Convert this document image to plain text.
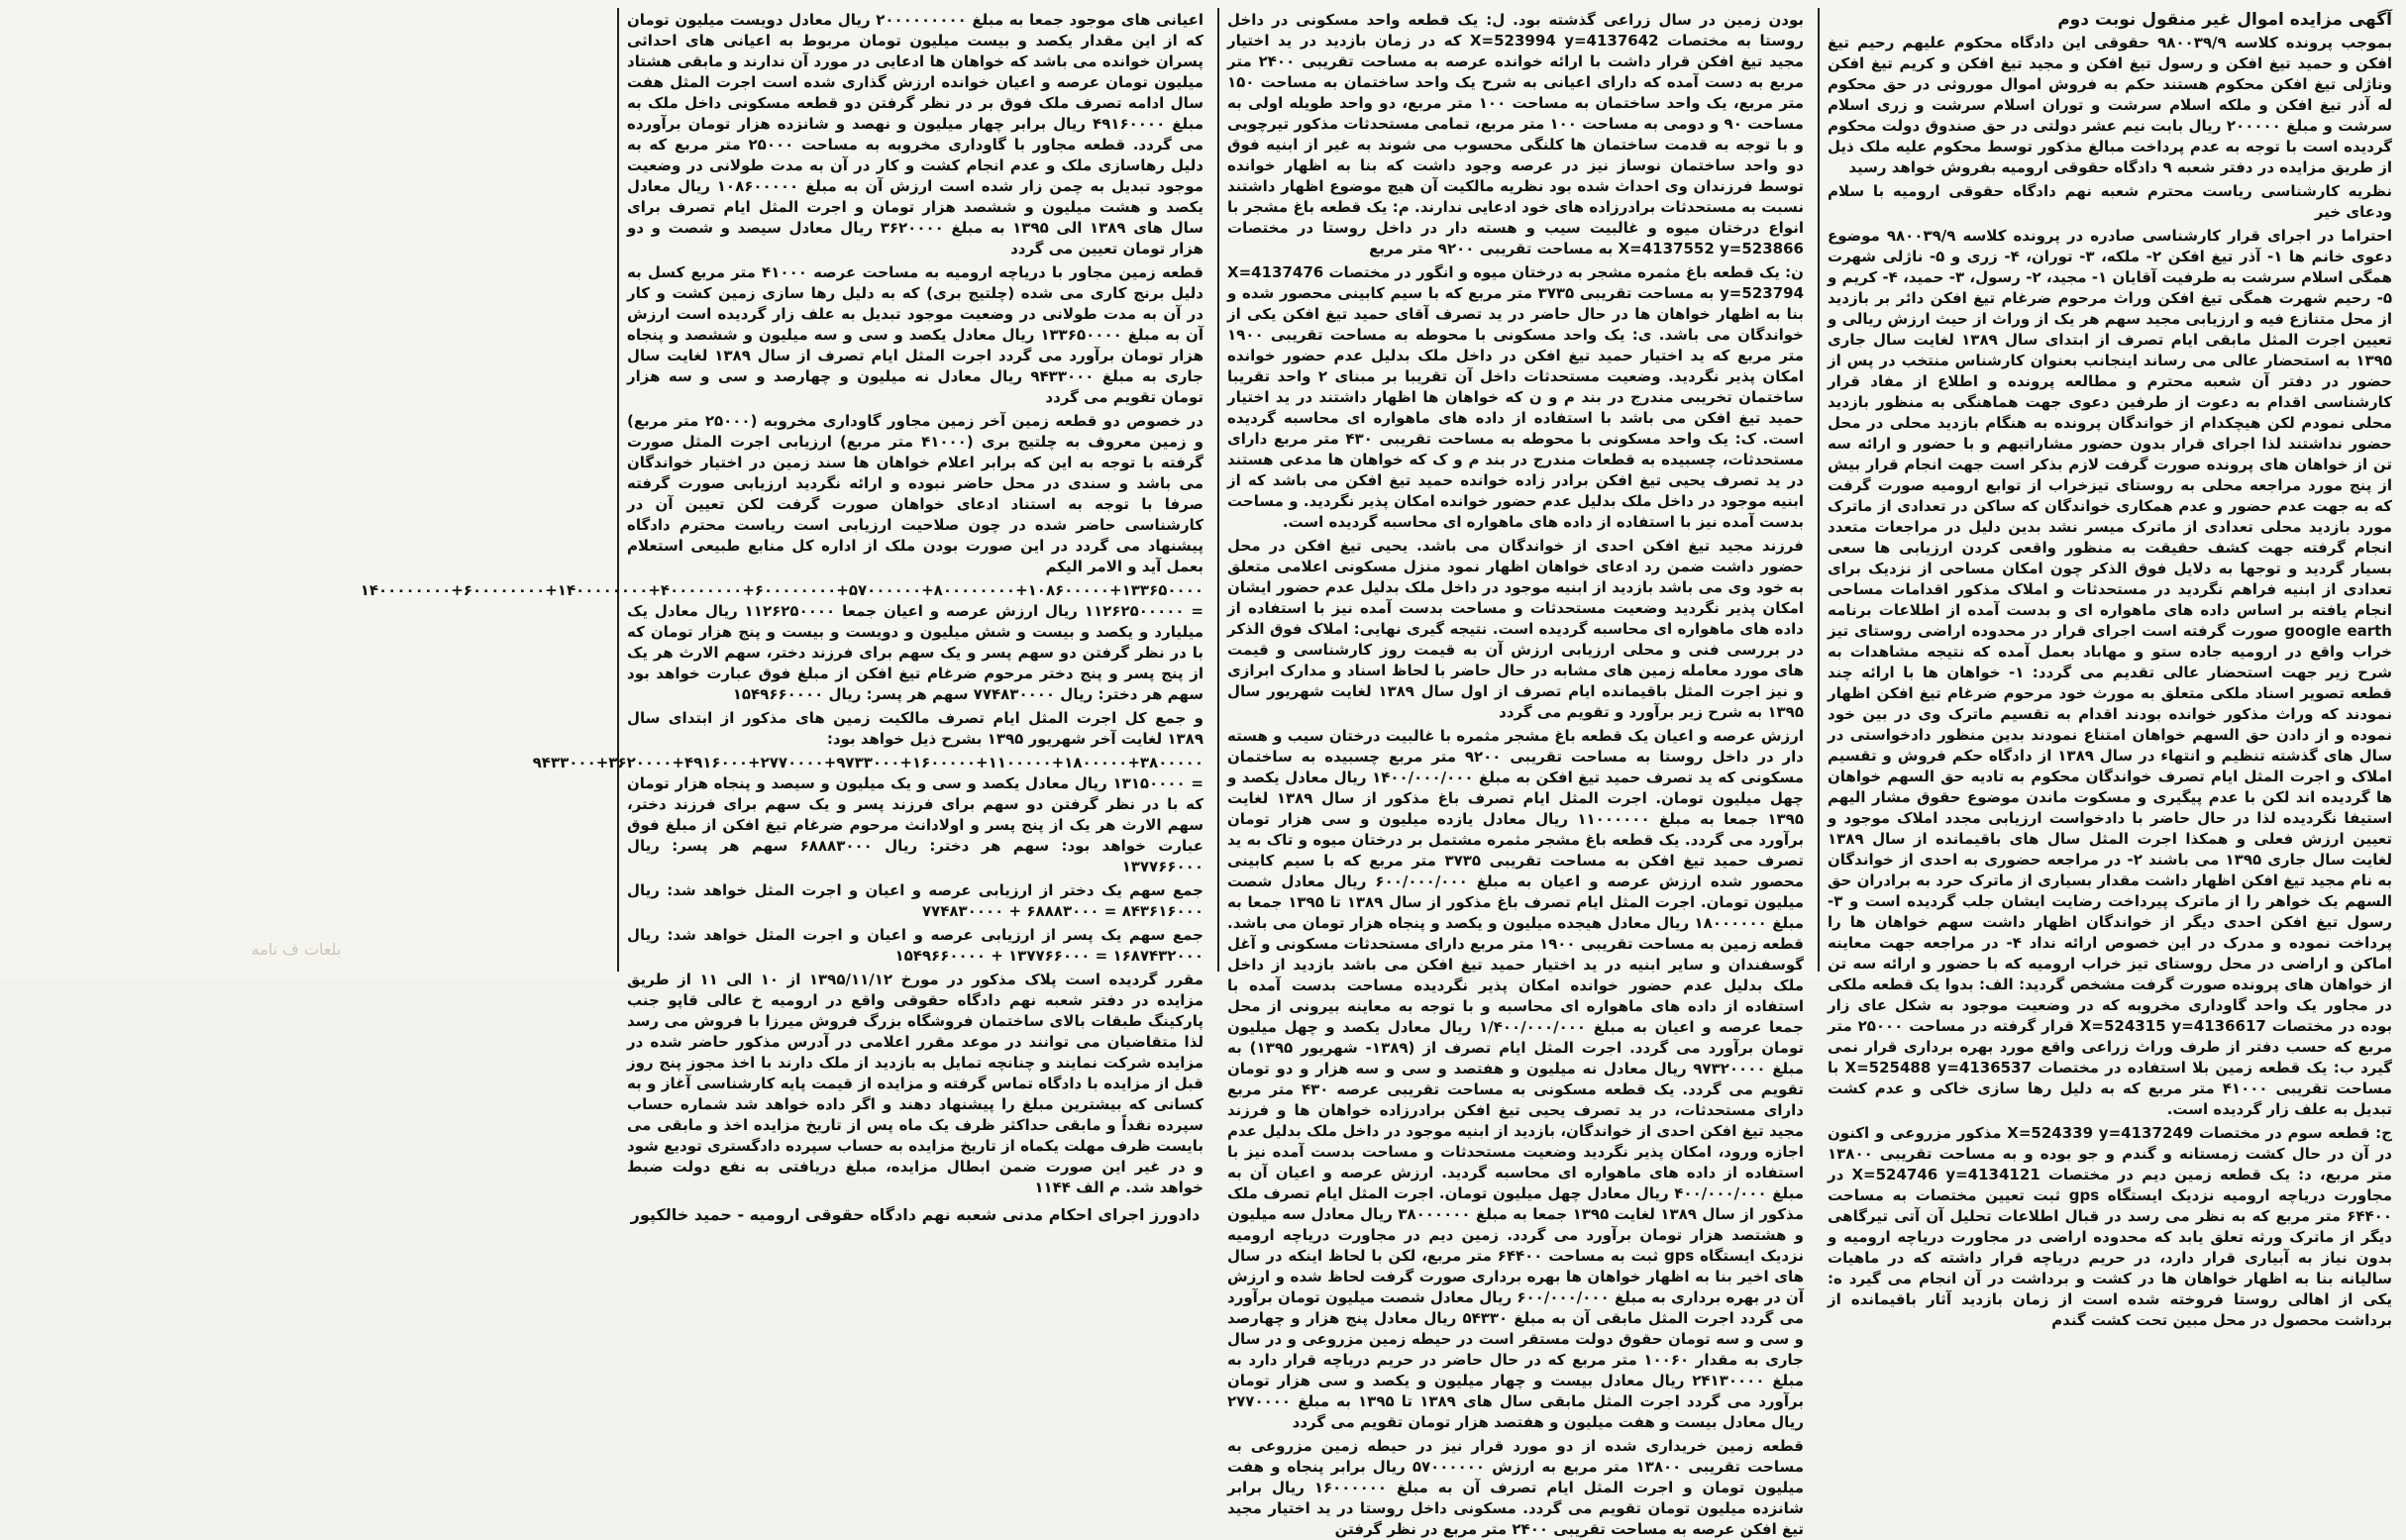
آگهی مزایده اموال غیر منقول نوبت دوم

بموجب پرونده کلاسه ۹۸۰۰۳۹/۹ حقوقی این دادگاه محکوم علیهم رحیم تیغ افکن و حمید تیغ افکن و رسول تیغ افکن و مجید تیغ افکن و کریم تیغ افکن وناژلی تیغ افکن محکوم هستند حکم به فروش اموال موروثی در حق محکوم له آذر تیغ افکن و ملکه اسلام سرشت و توران اسلام سرشت و زری اسلام سرشت و مبلغ ۲۰۰۰۰۰ ریال بابت نیم عشر دولتی در حق صندوق دولت محکوم گردیده است با توجه به عدم پرداخت مبالغ مذکور توسط محکوم علیه ملک ذیل از طریق مزایده در دفتر شعبه ۹ دادگاه حقوقی ارومیه بفروش خواهد رسید

نظریه کارشناسی ریاست محترم شعبه نهم دادگاه حقوقی ارومیه با سلام ودعای خیر

احتراما در اجرای قرار کارشناسی صادره در پرونده کلاسه ۹۸۰۰۳۹/۹ موضوع دعوی خانم ها ۱- آذر تیغ افکن ۲- ملکه، ۳- توران، ۴- زری و ۵- ناژلی شهرت همگی اسلام سرشت به طرفیت آقایان ۱- مجید، ۲- رسول، ۳- حمید، ۴- کریم و ۵- رحیم شهرت همگی تیغ افکن وراث مرحوم ضرغام تیغ افکن دائر بر بازدید از محل متنازع فیه و ارزیابی مجید سهم هر یک از وراث از حیث ارزش ریالی و تعیین اجرت المثل مابقی ایام تصرف از ابتدای سال ۱۳۸۹ لغایت سال جاری ۱۳۹۵ به استحضار عالی می رساند اینجانب بعنوان کارشناس منتخب در پس از حضور در دفتر آن شعبه محترم و مطالعه پرونده و اطلاع از مفاد قرار کارشناسی اقدام به دعوت از طرفین دعوی جهت هماهنگی به منظور بازدید محلی نمودم لکن هیچکدام از خواندگان پرونده به هنگام بازدید محلی در محل حضور نداشتند لذا اجرای قرار بدون حضور مشاراتیهم و با حضور و ارائه سه تن از خواهان های پرونده صورت گرفت لازم بذکر است جهت انجام قرار بیش از پنج مورد مراجعه محلی به روستای تیزخراب از توابع ارومیه صورت گرفت که به جهت عدم حضور و عدم همکاری خواندگان که ساکن در تعدادی از ماترک مورد بازدید محلی تعدادی از ماترک میسر نشد بدین دلیل در مراجعات متعدد انجام گرفته جهت کشف حقیقت به منظور واقعی کردن ارزیابی ها سعی بسیار گردید و توجها به دلایل فوق الذکر چون امکان مساحی از نزدیک برای تعدادی از ابنیه فراهم نگردید در مستحدثات و املاک مذکور اقدامات مساحی انجام یافته بر اساس داده های ماهواره ای و بدست آمده از اطلاعات برنامه google earth صورت گرفته است اجرای قرار در محدوده اراضی روستای تیز خراب واقع در ارومیه جاده ستو و مهاباد بعمل آمده که نتیجه مشاهدات به شرح زیر جهت استحضار عالی تقدیم می گردد: ۱- خواهان ها با ارائه چند قطعه تصویر اسناد ملکی متعلق به مورث خود مرحوم ضرغام تیغ افکن اظهار نمودند که وراث مذکور خوانده بودند اقدام به تقسیم ماترک وی در بین خود نموده و از دادن حق السهم خواهان امتناع نمودند بدین منظور دادخواستی در سال های گذشته تنظیم و انتهاء در سال ۱۳۸۹ از دادگاه حکم فروش و تقسیم املاک و اجرت المثل ایام تصرف خواندگان محکوم به تادیه حق السهم خواهان ها گردیده اند لکن با عدم پیگیری و مسکوت ماندن موضوع حقوق مشار الیهم استیفا نگردیده لذا در حال حاضر با دادخواست ارزیابی مجدد املاک موجود و تعیین ارزش فعلی و همکذا اجرت المثل سال های باقیمانده از سال ۱۳۸۹ لغایت سال جاری ۱۳۹۵ می باشند ۲- در مراجعه حضوری به احدی از خواندگان به نام مجید تیغ افکن اظهار داشت مقدار بسیاری از ماترک حرد به برادران حق السهم یک خواهر را از ماترک پیرداخت رضایت ایشان جلب گردیده است و ۳- رسول تیغ افکن احدی دیگر از خواندگان اظهار داشت سهم خواهان ها را پرداخت نموده و مدرک در این خصوص ارائه نداد ۴- در مراجعه جهت معاینه اماکن و اراضی در محل روستای تیز خراب ارومیه که با حضور و ارائه سه تن از خواهان های پرونده صورت گرفت مشخص گردید: الف: بدوا یک قطعه ملکی در مجاور یک واحد گاوداری مخروبه که در وضعیت موجود به شکل عای زار بوده در مختصات X=524315 y=4136617 قرار گرفته در مساحت ۲۵۰۰۰ متر مربع که حسب دفتر از طرف وراث زراعی واقع مورد بهره برداری قرار نمی گیرد ب: یک قطعه زمین بلا استفاده در مختصات X=525488 y=4136537 با مساحت تقریبی ۴۱۰۰۰ متر مربع که به دلیل رها سازی خاکی و عدم کشت تبدیل به علف زار گردیده است.

ج: قطعه سوم در مختصات X=524339 y=4137249 مذکور مزروعی و اکنون در آن در حال کشت زمستانه و گندم و جو بوده و به مساحت تقریبی ۱۳۸۰۰ متر مربع، د: یک قطعه زمین دیم در مختصات X=524746 y=4134121 در مجاورت دریاچه ارومیه نزدیک ایستگاه gps ثبت تعیین مختصات به مساحت ۶۴۴۰۰ متر مربع که به نظر می رسد در قبال اطلاعات تحلیل آن آتی تیرگاهی دیگر از ماترک ورثه تعلق یابد که محدوده اراضی در مجاورت دریاچه ارومیه و بدون نیاز به آبیاری قرار دارد، در حریم دریاچه قرار داشته که در ماهیات سالیانه بنا به اظهار خواهان ها در کشت و برداشت در آن انجام می گیرد ه: یکی از اهالی روستا فروخته شده است از زمان بازدید آثار باقیمانده از برداشت محصول در محل مبین تحت کشت گندم

بودن زمین در سال زراعی گذشته بود. ل: یک قطعه واحد مسکونی در داخل روستا به مختصات X=523994 y=4137642 که در زمان بازدید در ید اختیار مجید تیغ افکن قرار داشت با ارائه خوانده عرصه به مساحت تقریبی ۲۴۰۰ متر مربع به دست آمده که دارای اعیانی به شرح یک واحد ساختمان به مساحت ۱۵۰ متر مربع، یک واحد ساختمان به مساحت ۱۰۰ متر مربع، دو واحد طویله اولی به مساحت ۹۰ و دومی به مساحت ۱۰۰ متر مربع، تمامی مستحدثات مذکور تیرچوبی و با توجه به قدمت ساختمان ها کلنگی محسوب می شوند به غیر از ابنیه فوق دو واحد ساختمان نوساز نیز در عرصه وجود داشت که بنا به اظهار خوانده توسط فرزندان وی احداث شده بود نظریه مالکیت آن هیچ موضوع اظهار داشتند نسبت به مستحدثات برادرزاده های خود ادعایی ندارند. م: یک قطعه باغ مشجر با انواع درختان میوه و غالبیت سیب و هسته دار در داخل روستا در مختصات X=4137552 y=523866 به مساحت تقریبی ۹۲۰۰ متر مربع

ن: یک قطعه باغ مثمره مشجر به درختان میوه و انگور در مختصات X=4137476 y=523794 به مساحت تقریبی ۳۷۳۵ متر مربع که با سیم کابینی محصور شده و بنا به اظهار خواهان ها در حال حاضر در ید تصرف آقای حمید تیغ افکن یکی از خواندگان می باشد. ی: یک واحد مسکونی با محوطه به مساحت تقریبی ۱۹۰۰ متر مربع که ید اختیار حمید تیغ افکن در داخل ملک بدلیل عدم حضور خوانده امکان پذیر نگردید. وضعیت مستحدثات داخل آن تقریبا بر مبنای ۲ واحد تقریبا ساختمان تخریبی مندرج در بند م و ن که خواهان ها اظهار داشتند در ید اختیار حمید تیغ افکن می باشد با استفاده از داده های ماهواره ای محاسبه گردیده است. ک: یک واحد مسکونی با محوطه به مساحت تقریبی ۴۳۰ متر مربع دارای مستحدثات، چسبیده به قطعات مندرج در بند م و ک که خواهان ها مدعی هستند در ید تصرف یحیی تیغ افکن برادر زاده خوانده حمید تیغ افکن می باشد که از ابنیه موجود در داخل ملک بدلیل عدم حضور خوانده امکان پذیر نگردید. و مساحت بدست آمده نیز با استفاده از داده های ماهواره ای محاسبه گردیده است.

فرزند مجید تیغ افکن احدی از خواندگان می باشد. یحیی تیغ افکن در محل حضور داشت ضمن رد ادعای خواهان اظهار نمود منزل مسکونی اعلامی متعلق به خود وی می باشد بازدید از ابنیه موجود در داخل ملک بدلیل عدم حضور ایشان امکان پذیر نگردید وضعیت مستحدثات و مساحت بدست آمده نیز با استفاده از داده های ماهواره ای محاسبه گردیده است. نتیجه گیری نهایی: املاک فوق الذکر در بررسی فنی و محلی ارزیابی ارزش آن به قیمت روز کارشناسی و قیمت های مورد معامله زمین های مشابه در حال حاضر با لحاظ اسناد و مدارک ابرازی و نیز اجرت المثل باقیمانده ایام تصرف از اول سال ۱۳۸۹ لغایت شهریور سال ۱۳۹۵ به شرح زیر برآورد و تقویم می گردد

ارزش عرصه و اعیان یک قطعه باغ مشجر مثمره با غالبیت درختان سیب و هسته دار در داخل روستا به مساحت تقریبی ۹۲۰۰ متر مربع چسبیده به ساختمان مسکونی که ید تصرف حمید تیغ افکن به مبلغ ۱۴۰۰/۰۰۰/۰۰۰ ریال معادل یکصد و چهل میلیون تومان. اجرت المثل ایام تصرف باغ مذکور از سال ۱۳۸۹ لغایت ۱۳۹۵ جمعا به مبلغ ۱۱۰۰۰۰۰۰ ریال معادل یازده میلیون و سی هزار تومان برآورد می گردد. یک قطعه باغ مشجر مثمره مشتمل بر درختان میوه و تاک به ید تصرف حمید تیغ افکن به مساحت تقریبی ۳۷۳۵ متر مربع که با سیم کابینی محصور شده ارزش عرصه و اعیان به مبلغ ۶۰۰/۰۰۰/۰۰۰ ریال معادل شصت میلیون تومان. اجرت المثل ایام تصرف باغ مذکور از سال ۱۳۸۹ تا ۱۳۹۵ جمعا به مبلغ ۱۸۰۰۰۰۰۰ ریال معادل هیجده میلیون و یکصد و پنجاه هزار تومان می باشد. قطعه زمین به مساحت تقریبی ۱۹۰۰ متر مربع دارای مستحدثات مسکونی و آغل گوسفندان و سایر ابنیه در ید اختیار حمید تیغ افکن می باشد بازدید از داخل ملک بدلیل عدم حضور خوانده امکان پذیر نگردیده مساحت بدست آمده با استفاده از داده های ماهواره ای محاسبه و با توجه به معاینه بیرونی از محل جمعا عرصه و اعیان به مبلغ ۱/۴۰۰/۰۰۰/۰۰۰ ریال معادل یکصد و چهل میلیون تومان برآورد می گردد. اجرت المثل ایام تصرف از (۱۳۸۹- شهریور ۱۳۹۵) به مبلغ ۹۷۳۲۰۰۰۰ ریال معادل نه میلیون و هفتصد و سی و سه هزار و دو تومان تقویم می گردد. یک قطعه مسکونی به مساحت تقریبی عرصه ۴۳۰ متر مربع دارای مستحدثات، در ید تصرف یحیی تیغ افکن برادرزاده خواهان ها و فرزند مجید تیغ افکن احدی از خواندگان، بازدید از ابنیه موجود در داخل ملک بدلیل عدم اجازه ورود، امکان پذیر نگردید وضعیت مستحدثات و مساحت بدست آمده نیز با استفاده از داده های ماهواره ای محاسبه گردید. ارزش عرصه و اعیان آن به مبلغ ۴۰۰/۰۰۰/۰۰۰ ریال معادل چهل میلیون تومان. اجرت المثل ایام تصرف ملک مذکور از سال ۱۳۸۹ لغایت ۱۳۹۵ جمعا به مبلغ ۳۸۰۰۰۰۰۰ ریال معادل سه میلیون و هشتصد هزار تومان برآورد می گردد. زمین دیم در مجاورت دریاچه ارومیه نزدیک ایستگاه gps ثبت به مساحت ۶۴۴۰۰ متر مربع، لکن با لحاظ اینکه در سال های اخیر بنا به اظهار خواهان ها بهره برداری صورت گرفت لحاظ شده و ارزش آن در بهره برداری به مبلغ ۶۰۰/۰۰۰/۰۰۰ ریال معادل شصت میلیون تومان برآورد می گردد اجرت المثل مابقی آن به مبلغ ۵۴۳۳۰ ریال معادل پنج هزار و چهارصد و سی و سه تومان حقوق دولت مستقر است در حیطه زمین مزروعی و در سال جاری به مقدار ۱۰۰۶۰ متر مربع که در حال حاضر در حریم دریاچه قرار دارد به مبلغ ۲۴۱۳۰۰۰۰ ریال معادل بیست و چهار میلیون و یکصد و سی هزار تومان برآورد می گردد اجرت المثل مابقی سال های ۱۳۸۹ تا ۱۳۹۵ به مبلغ ۲۷۷۰۰۰۰ ریال معادل بیست و هفت میلیون و هفتصد هزار تومان تقویم می گردد

قطعه زمین خریداری شده از دو مورد قرار نیز در حیطه زمین مزروعی به مساحت تقریبی ۱۳۸۰۰ متر مربع به ارزش ۵۷۰۰۰۰۰۰ ریال برابر پنجاه و هفت میلیون تومان و اجرت المثل ایام تصرف آن به مبلغ ۱۶۰۰۰۰۰۰ ریال برابر شانزده میلیون تومان تقویم می گردد. مسکونی داخل روستا در ید اختیار مجید تیغ افکن عرصه به مساحت تقریبی ۲۴۰۰ متر مربع در نظر گرفتن

اعیانی های موجود جمعا به مبلغ ۲۰۰۰۰۰۰۰۰۰ ریال معادل دویست میلیون تومان که از این مقدار یکصد و بیست میلیون تومان مربوط به اعیانی های احداثی پسران خوانده می باشد که خواهان ها ادعایی در مورد آن ندارند و مابقی هشتاد میلیون تومان عرصه و اعیان خوانده ارزش گذاری شده است اجرت المثل هفت سال ادامه تصرف ملک فوق بر در نظر گرفتن دو قطعه مسکونی داخل ملک به مبلغ ۴۹۱۶۰۰۰۰ ریال برابر چهار میلیون و نهصد و شانزده هزار تومان برآورده می گردد. قطعه مجاور با گاوداری مخروبه به مساحت ۲۵۰۰۰ متر مربع که به دلیل رهاسازی ملک و عدم انجام کشت و کار در آن به مدت طولانی در وضعیت موجود تبدیل به چمن زار شده است ارزش آن به مبلغ ۱۰۸۶۰۰۰۰۰ ریال معادل یکصد و هشت میلیون و ششصد هزار تومان و اجرت المثل ایام تصرف برای سال های ۱۳۸۹ الی ۱۳۹۵ به مبلغ ۳۶۲۰۰۰۰ ریال معادل سیصد و شصت و دو هزار تومان تعیین می گردد

قطعه زمین مجاور با دریاچه ارومیه به مساحت عرصه ۴۱۰۰۰ متر مربع کسل به دلیل برنج کاری می شده (چلتیج بری) که به دلیل رها سازی زمین کشت و کار در آن به مدت طولانی در وضعیت موجود تبدیل به علف زار گردیده است ارزش آن به مبلغ ۱۳۳۶۵۰۰۰۰ ریال معادل یکصد و سی و سه میلیون و ششصد و پنجاه هزار تومان برآورد می گردد اجرت المثل ایام تصرف از سال ۱۳۸۹ لغایت سال جاری به مبلغ ۹۴۳۳۰۰۰ ریال معادل نه میلیون و چهارصد و سی و سه هزار تومان تقویم می گردد

در خصوص دو قطعه زمین آخر زمین مجاور گاوداری مخروبه (۲۵۰۰۰ متر مربع) و زمین معروف به چلتیج بری (۴۱۰۰۰ متر مربع) ارزیابی اجرت المثل صورت گرفته با توجه به این که برابر اعلام خواهان ها سند زمین در اختیار خواندگان می باشد و سندی در محل حاضر نبوده و ارائه نگردید ارزیابی صورت گرفته صرفا با توجه به استناد ادعای خواهان صورت گرفت لکن تعیین آن در کارشناسی حاضر شده در چون صلاحیت ارزیابی است ریاست محترم دادگاه پیشنهاد می گردد در این صورت بودن ملک از اداره کل منابع طبیعی استعلام بعمل آید و الامر الیکم

۱۴۰۰۰۰۰۰۰۰+۶۰۰۰۰۰۰۰۰+۱۴۰۰۰۰۰۰۰۰+۴۰۰۰۰۰۰۰۰+۶۰۰۰۰۰۰۰۰+۵۷۰۰۰۰۰۰+۸۰۰۰۰۰۰۰۰+۱۰۸۶۰۰۰۰۰+۱۳۳۶۵۰۰۰۰ = ۱۱۲۶۲۵۰۰۰۰۰ ریال ارزش عرصه و اعیان جمعا ۱۱۲۶۲۵۰۰۰۰ ریال معادل یک میلیارد و یکصد و بیست و شش میلیون و دویست و بیست و پنج هزار تومان که با در نظر گرفتن دو سهم پسر و یک سهم برای فرزند دختر، سهم الارث هر یک از پنج پسر و پنج دختر مرحوم ضرغام تیغ افکن از مبلغ فوق عبارت خواهد بود سهم هر دختر: ریال ۷۷۴۸۳۰۰۰۰ سهم هر پسر: ریال ۱۵۴۹۶۶۰۰۰۰

و جمع کل اجرت المثل ایام تصرف مالکیت زمین های مذکور از ابتدای سال ۱۳۸۹ لغایت آخر شهریور ۱۳۹۵ بشرح ذیل خواهد بود:

۹۴۳۳۰۰۰+۳۶۲۰۰۰۰+۴۹۱۶۰۰۰+۲۷۷۰۰۰۰+۹۷۳۳۰۰۰+۱۶۰۰۰۰۰+۱۱۰۰۰۰۰+۱۸۰۰۰۰۰+۳۸۰۰۰۰۰ = ۱۳۱۵۰۰۰۰ ریال معادل یکصد و سی و یک میلیون و سیصد و پنجاه هزار تومان که با در نظر گرفتن دو سهم برای فرزند پسر و یک سهم برای فرزند دختر، سهم الارث هر یک از پنج پسر و اولادانث مرحوم ضرغام تیغ افکن از مبلغ فوق عبارت خواهد بود: سهم هر دختر: ریال ۶۸۸۸۳۰۰۰ سهم هر پسر: ریال ۱۳۷۷۶۶۰۰۰

جمع سهم یک دختر از ارزیابی عرصه و اعیان و اجرت المثل خواهد شد: ریال ۸۴۳۶۱۶۰۰۰ = ۶۸۸۸۳۰۰۰ + ۷۷۴۸۳۰۰۰۰

جمع سهم یک پسر از ارزیابی عرصه و اعیان و اجرت المثل خواهد شد: ریال ۱۶۸۷۴۳۲۰۰۰ = ۱۳۷۷۶۶۰۰۰ + ۱۵۴۹۶۶۰۰۰۰

مقرر گردیده است پلاک مذکور در مورخ ۱۳۹۵/۱۱/۱۲ از ۱۰ الی ۱۱ از طریق مزایده در دفتر شعبه نهم دادگاه حقوقی واقع در ارومیه خ عالی قاپو جنب پارکینگ طبقات بالای ساختمان فروشگاه بزرگ فروش میرزا با فروش می رسد لذا متقاضیان می توانند در موعد مقرر اعلامی در آدرس مذکور حاضر شده در مزایده شرکت نمایند و چنانچه تمایل به بازدید از ملک دارند با اخذ مجوز پنج روز قبل از مزایده با دادگاه تماس گرفته و مزایده از قیمت پایه کارشناسی آغاز و به کسانی که بیشترین مبلغ را پیشنهاد دهند و اگر داده خواهد شد شماره حساب سپرده نقداً و مابقی حداکثر ظرف یک ماه پس از تاریخ مزایده اخذ و مابقی می بایست ظرف مهلت یکماه از تاریخ مزایده به حساب سپرده دادگستری تودیع شود و در غیر این صورت ضمن ابطال مزایده، مبلغ دریافتی به نفع دولت ضبط خواهد شد. م الف ۱۱۴۴

دادورز اجرای احکام مدنی شعبه نهم دادگاه حقوقی ارومیه - حمید خالکپور
بلعات ف نامه
